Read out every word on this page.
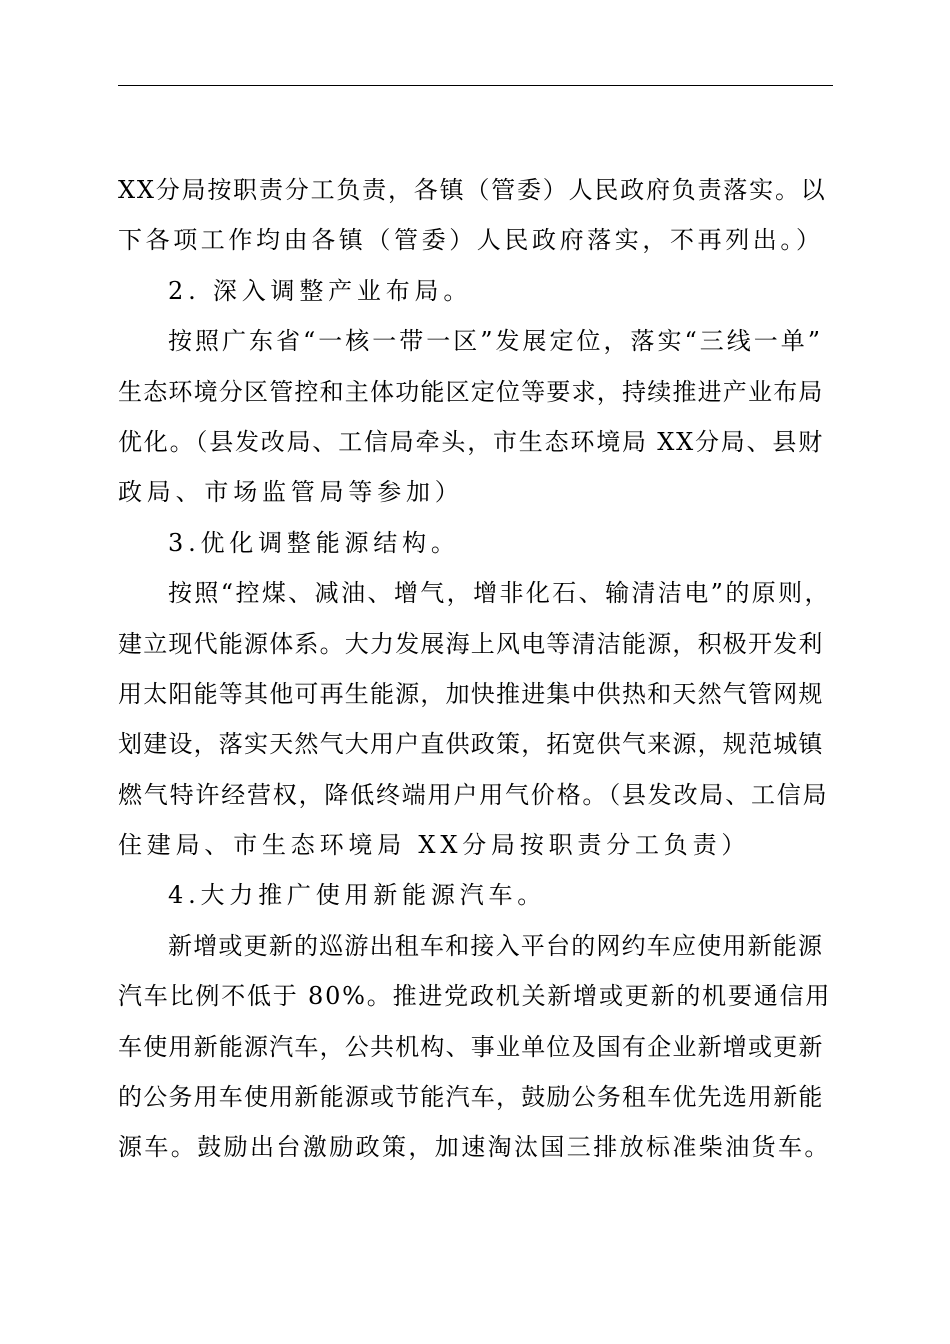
XX分局按职责分工负责，各镇（管委）人民政府负责落实。以
下各项工作均由各镇（管委）人民政府落实，不再列出。）
2. 深入调整产业布局。
按照广东省“一核一带一区”发展定位，落实“三线一单”
生态环境分区管控和主体功能区定位等要求，持续推进产业布局
优化。（县发改局、工信局牵头，市生态环境局 XX分局、县财
政局、市场监管局等参加）
3.优化调整能源结构。
按照“控煤、减油、增气，增非化石、输清洁电”的原则，
建立现代能源体系。大力发展海上风电等清洁能源，积极开发利
用太阳能等其他可再生能源，加快推进集中供热和天然气管网规
划建设，落实天然气大用户直供政策，拓宽供气来源，规范城镇
燃气特许经营权，降低终端用户用气价格。（县发改局、工信局
住建局、市生态环境局 XX分局按职责分工负责）
4.大力推广使用新能源汽车。
新增或更新的巡游出租车和接入平台的网约车应使用新能源
汽车比例不低于 80%。推进党政机关新增或更新的机要通信用
车使用新能源汽车，公共机构、事业单位及国有企业新增或更新
的公务用车使用新能源或节能汽车，鼓励公务租车优先选用新能
源车。鼓励出台激励政策，加速淘汰国三排放标准柴油货车。
